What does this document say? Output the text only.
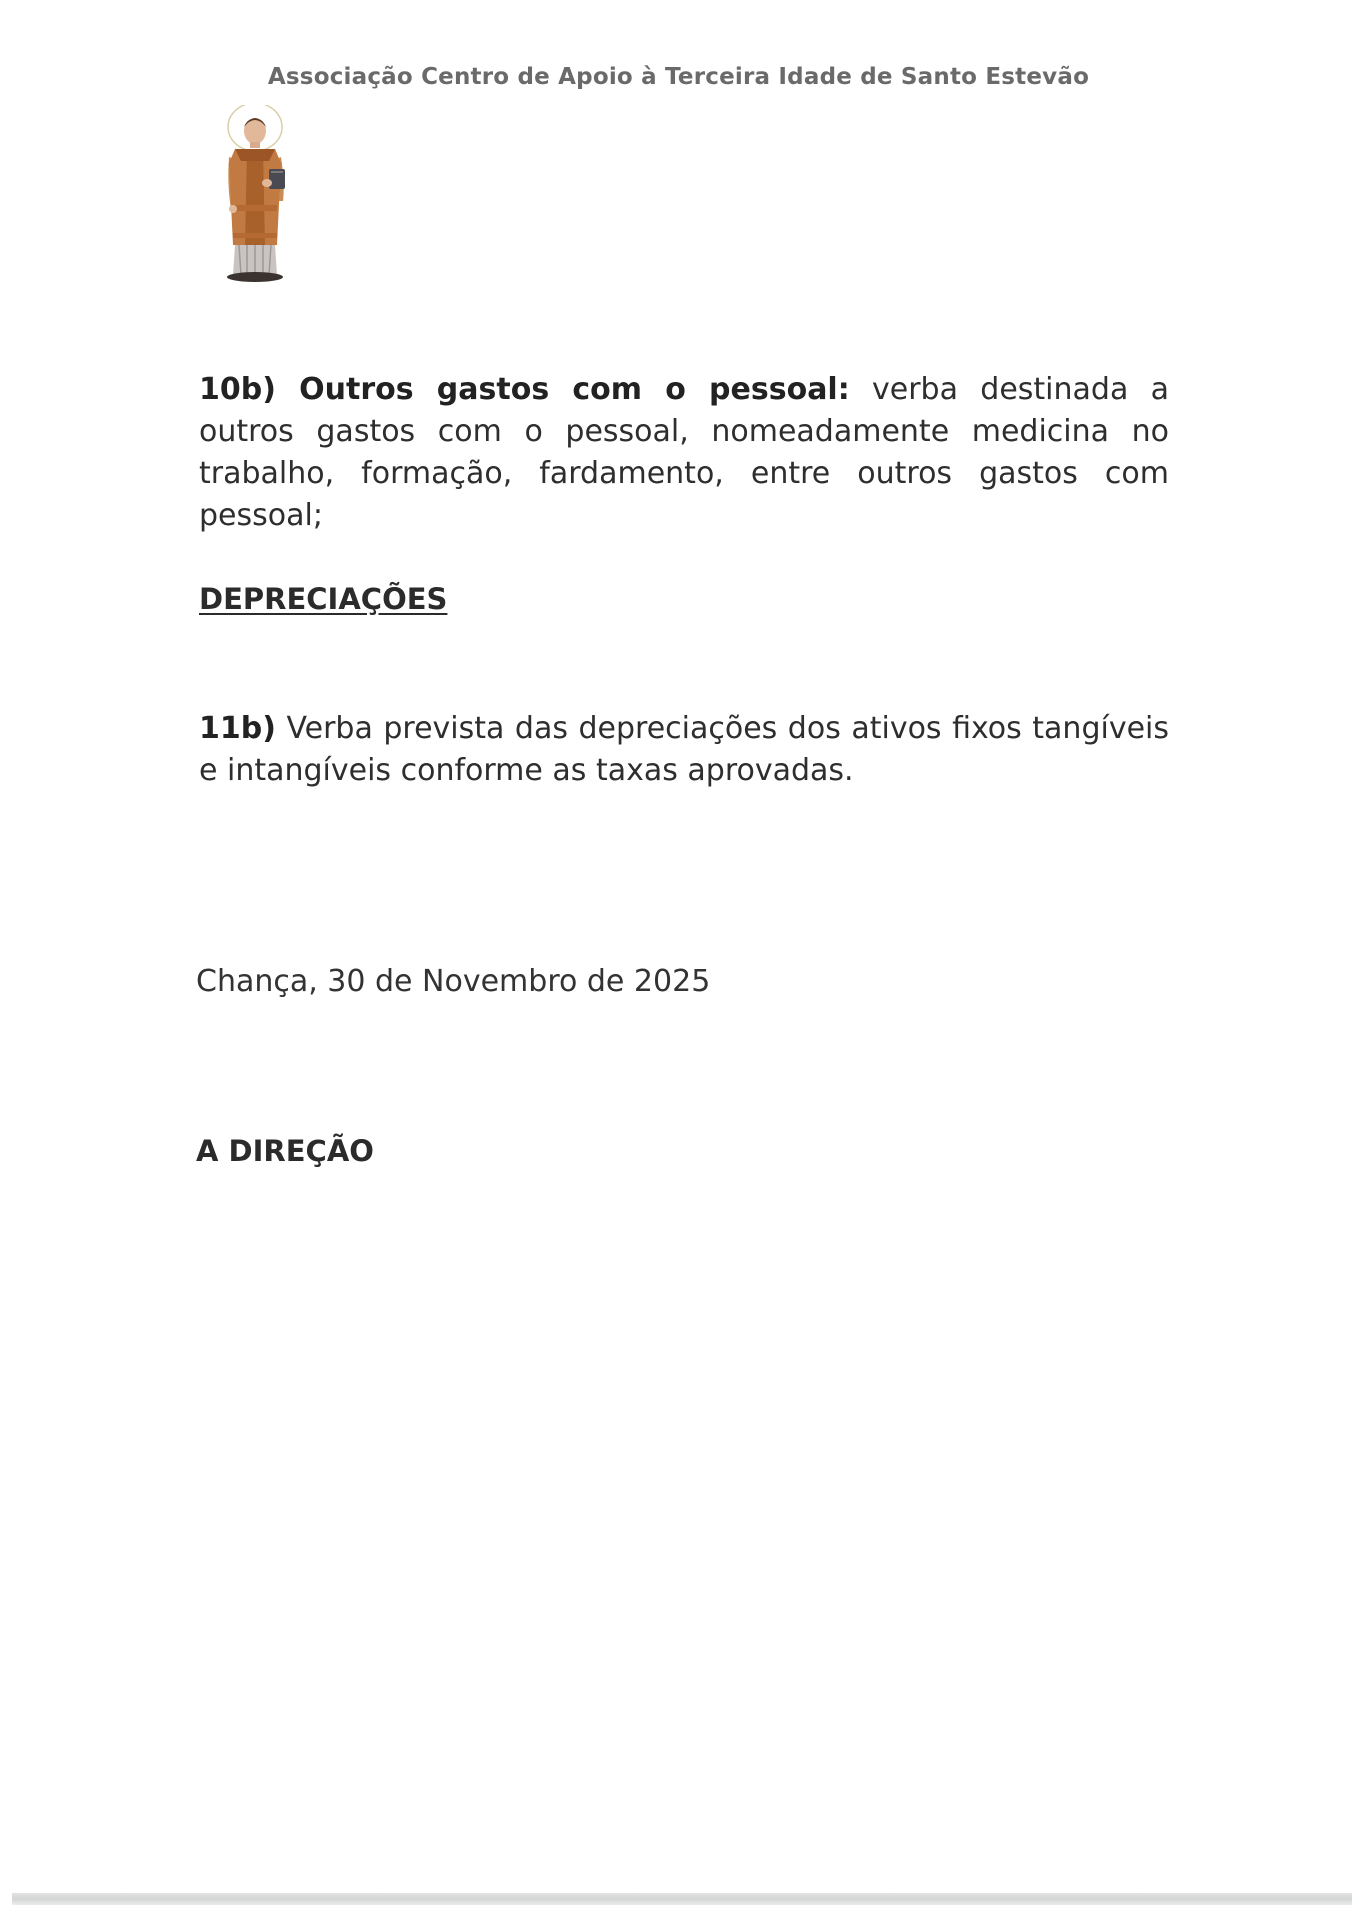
Associação Centro de Apoio à Terceira Idade de Santo Estevão
10b) Outros gastos com o pessoal: verba destinada a outros gastos com o pessoal, nomeadamente medicina no trabalho, formação, fardamento, entre outros gastos com pessoal;
DEPRECIAÇÕES
11b) Verba prevista das depreciações dos ativos fixos tangíveis e intangíveis conforme as taxas aprovadas.
Chança, 30 de Novembro de 2025
A DIREÇÃO
